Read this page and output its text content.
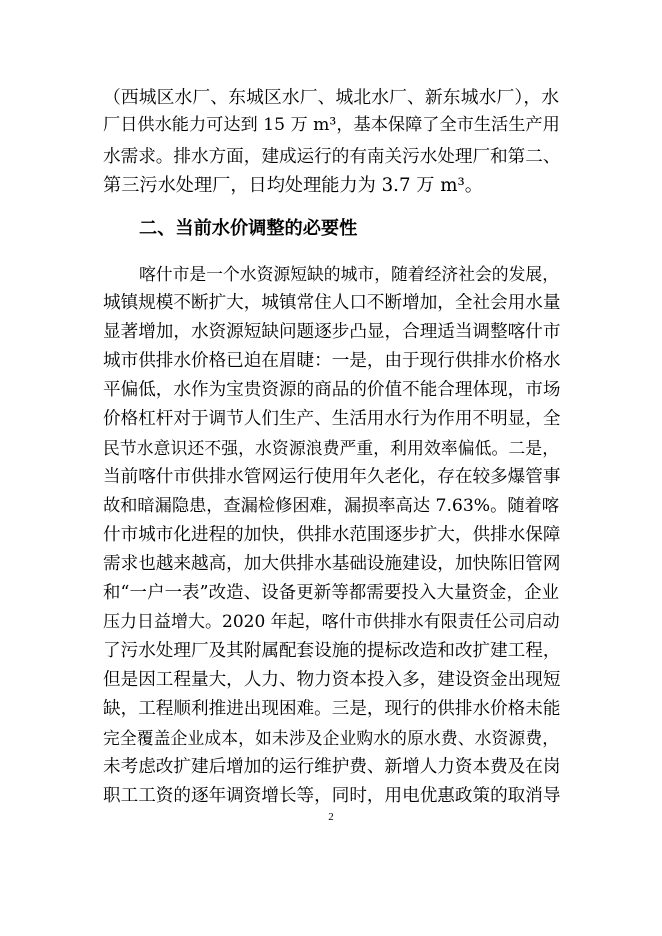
（西城区水厂、东城区水厂、城北水厂、新东城水厂），水
厂日供水能力可达到 15 万 m³，基本保障了全市生活生产用
水需求。排水方面，建成运行的有南关污水处理厂和第二、
第三污水处理厂，日均处理能力为 3.7 万 m³。
二、当前水价调整的必要性
喀什市是一个水资源短缺的城市，随着经济社会的发展，
城镇规模不断扩大，城镇常住人口不断增加，全社会用水量
显著增加，水资源短缺问题逐步凸显，合理适当调整喀什市
城市供排水价格已迫在眉睫：一是，由于现行供排水价格水
平偏低，水作为宝贵资源的商品的价值不能合理体现，市场
价格杠杆对于调节人们生产、生活用水行为作用不明显，全
民节水意识还不强，水资源浪费严重，利用效率偏低。二是，
当前喀什市供排水管网运行使用年久老化，存在较多爆管事
故和暗漏隐患，查漏检修困难，漏损率高达 7.63%。随着喀
什市城市化进程的加快，供排水范围逐步扩大，供排水保障
需求也越来越高，加大供排水基础设施建设，加快陈旧管网
和“一户一表”改造、设备更新等都需要投入大量资金，企业
压力日益增大。2020 年起，喀什市供排水有限责任公司启动
了污水处理厂及其附属配套设施的提标改造和改扩建工程，
但是因工程量大，人力、物力资本投入多，建设资金出现短
缺，工程顺利推进出现困难。三是，现行的供排水价格未能
完全覆盖企业成本，如未涉及企业购水的原水费、水资源费，
未考虑改扩建后增加的运行维护费、新增人力资本费及在岗
职工工资的逐年调资增长等，同时，用电优惠政策的取消导
2
